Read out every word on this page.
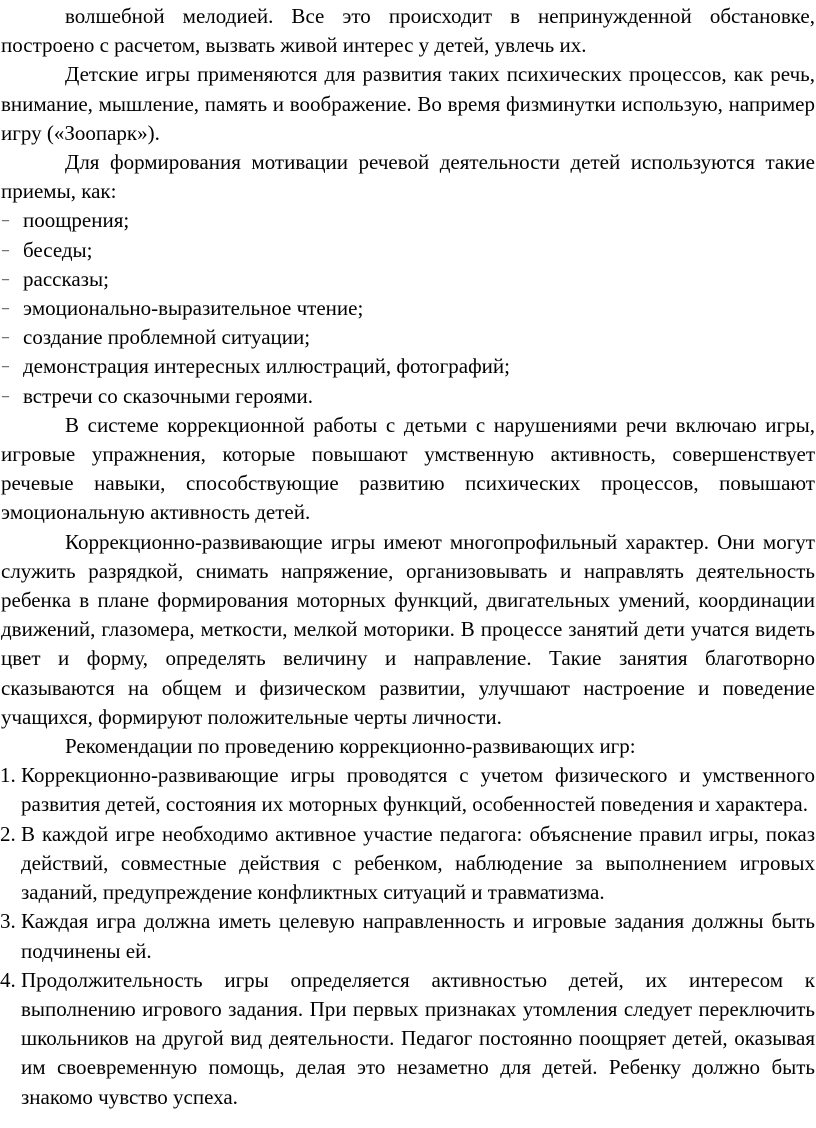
волшебной мелодией. Все это происходит в непринужденной обстановке, построено с расчетом, вызвать живой интерес у детей, увлечь их.

Детские игры применяются для развития таких психических процессов, как речь, внимание, мышление, память и воображение. Во время физминутки использую, например игру («Зоопарк»).

Для формирования мотивации речевой деятельности детей используются такие приемы, как:

– поощрения;
– беседы;
– рассказы;
– эмоционально-выразительное чтение;
– создание проблемной ситуации;
– демонстрация интересных иллюстраций, фотографий;
– встречи со сказочными героями.

В системе коррекционной работы с детьми с нарушениями речи включаю игры, игровые упражнения, которые повышают умственную активность, совершенствует речевые навыки, способствующие развитию психических процессов, повышают эмоциональную активность детей.

Коррекционно-развивающие игры имеют многопрофильный характер. Они могут служить разрядкой, снимать напряжение, организовывать и направлять деятельность ребенка в плане формирования моторных функций, двигательных умений, координации движений, глазомера, меткости, мелкой моторики. В процессе занятий дети учатся видеть цвет и форму, определять величину и направление. Такие занятия благотворно сказываются на общем и физическом развитии, улучшают настроение и поведение учащихся, формируют положительные черты личности.

Рекомендации по проведению коррекционно-развивающих игр:

1. Коррекционно-развивающие игры проводятся с учетом физического и умственного развития детей, состояния их моторных функций, особенностей поведения и характера.
2. В каждой игре необходимо активное участие педагога: объяснение правил игры, показ действий, совместные действия с ребенком, наблюдение за выполнением игровых заданий, предупреждение конфликтных ситуаций и травматизма.
3. Каждая игра должна иметь целевую направленность и игровые задания должны быть подчинены ей.
4. Продолжительность игры определяется активностью детей, их интересом к выполнению игрового задания. При первых признаках утомления следует переключить школьников на другой вид деятельности. Педагог постоянно поощряет детей, оказывая им своевременную помощь, делая это незаметно для детей. Ребенку должно быть знакомо чувство успеха.
